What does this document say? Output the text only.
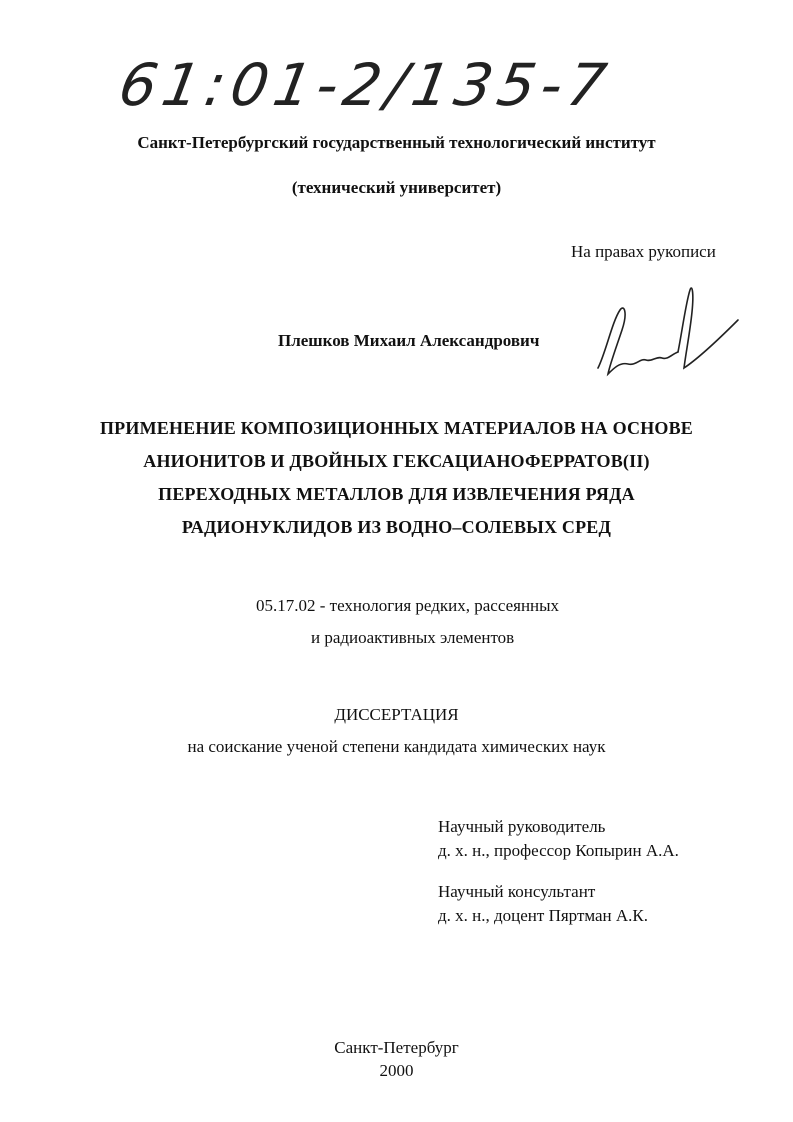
61:01-2/135-7
Санкт-Петербургский государственный технологический институт
(технический университет)
На правах рукописи
Плешков Михаил Александрович
ПРИМЕНЕНИЕ КОМПОЗИЦИОННЫХ МАТЕРИАЛОВ НА ОСНОВЕ
АНИОНИТОВ И ДВОЙНЫХ ГЕКСАЦИАНОФЕРРАТОВ(II)
ПЕРЕХОДНЫХ МЕТАЛЛОВ ДЛЯ ИЗВЛЕЧЕНИЯ РЯДА
РАДИОНУКЛИДОВ ИЗ ВОДНО–СОЛЕВЫХ СРЕД
05.17.02 - технология редких, рассеянных
и радиоактивных элементов
ДИССЕРТАЦИЯ
на соискание ученой степени кандидата химических наук
Научный руководитель
д. х. н., профессор Копырин А.А.
Научный консультант
д. х. н., доцент Пяртман А.К.
Санкт-Петербург
2000
